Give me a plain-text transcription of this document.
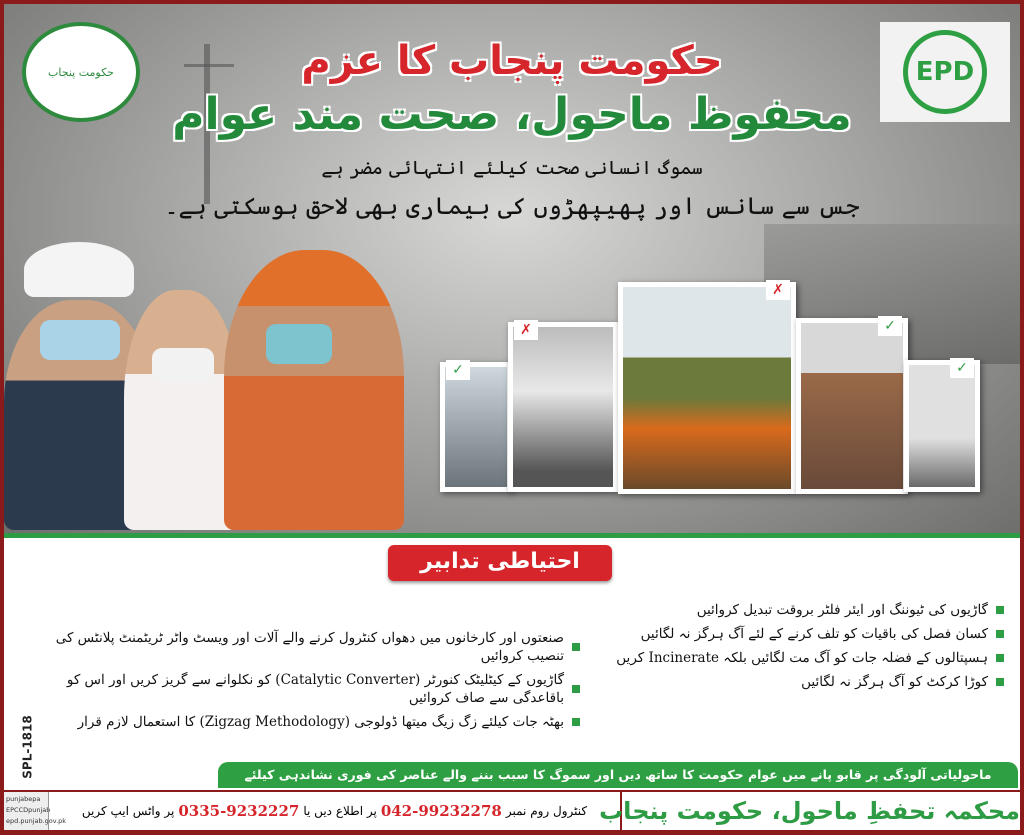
حکومت پنجاب	EPD
حکومت پنجاب کا عزم
محفوظ ماحول، صحت مند عوام
سموگ انسانی صحت کیلئے انتہائی مضر ہے
جس سے سانس اور پھیپھڑوں کی بیماری بھی لاحق ہوسکتی ہے۔
✓
✗
✗
✓
✓
احتیاطی تدابیر
گاڑیوں کی ٹیوننگ اور ایئر فلٹر بروقت تبدیل کروائیں
کسان فصل کی باقیات کو تلف کرنے کے لئے آگ ہرگز نہ لگائیں
ہسپتالوں کے فضلہ جات کو آگ مت لگائیں بلکہ Incinerate کریں
کوڑا کرکٹ کو آگ ہرگز نہ لگائیں
صنعتوں اور کارخانوں میں دھواں کنٹرول کرنے والے آلات اور ویسٹ واٹر ٹریٹمنٹ پلانٹس کی تنصیب کروائیں
گاڑیوں کے کیٹلیٹک کنورٹر (Catalytic Converter) کو نکلوانے سے گریز کریں اور اس کو باقاعدگی سے صاف کروائیں
بھٹہ جات کیلئے زگ زیگ میتھا ڈولوجی (Zigzag Methodology) کا استعمال لازم قرار
SPL-1818	ماحولیاتی آلودگی پر قابو پانے میں عوام حکومت کا ساتھ دیں اور سموگ کا سبب بننے والے عناصر کی فوری نشاندہی کیلئے
punjabepa
EPCCDpunjab
epd.punjab.gov.pk
کنٹرول روم نمبر
042-99232278
پر اطلاع دیں یا
0335-9232227
پر واٹس ایپ کریں	محکمہ تحفظِ ماحول، حکومت پنجاب
